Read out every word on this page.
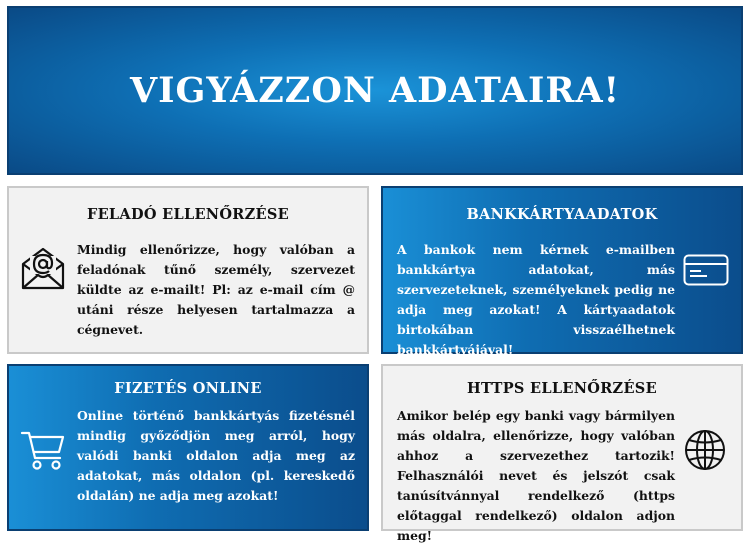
VIGYÁZZON ADATAIRA!
FELADÓ ELLENŐRZÉSE
Mindig ellenőrizze, hogy valóban a feladónak tűnő személy, szervezet küldte az e-mailt! Pl: az e-mail cím @ utáni része helyesen tartalmazza a cégnevet.
BANKKÁRTYAADATOK
A bankok nem kérnek e-mailben bankkártya adatokat, más szervezeteknek, személyeknek pedig ne adja meg azokat! A kártyaadatok birtokában visszaélhetnek bankkártyájával!
FIZETÉS ONLINE
Online történő bankkártyás fizetésnél mindig győződjön meg arról, hogy valódi banki oldalon adja meg az adatokat, más oldalon (pl. kereskedő oldalán) ne adja meg azokat!
HTTPS ELLENŐRZÉSE
Amikor belép egy banki vagy bármilyen más oldalra, ellenőrizze, hogy valóban ahhoz a szervezethez tartozik! Felhasználói nevet és jelszót csak tanúsítvánnyal rendelkező (https előtaggal rendelkező) oldalon adjon meg!
